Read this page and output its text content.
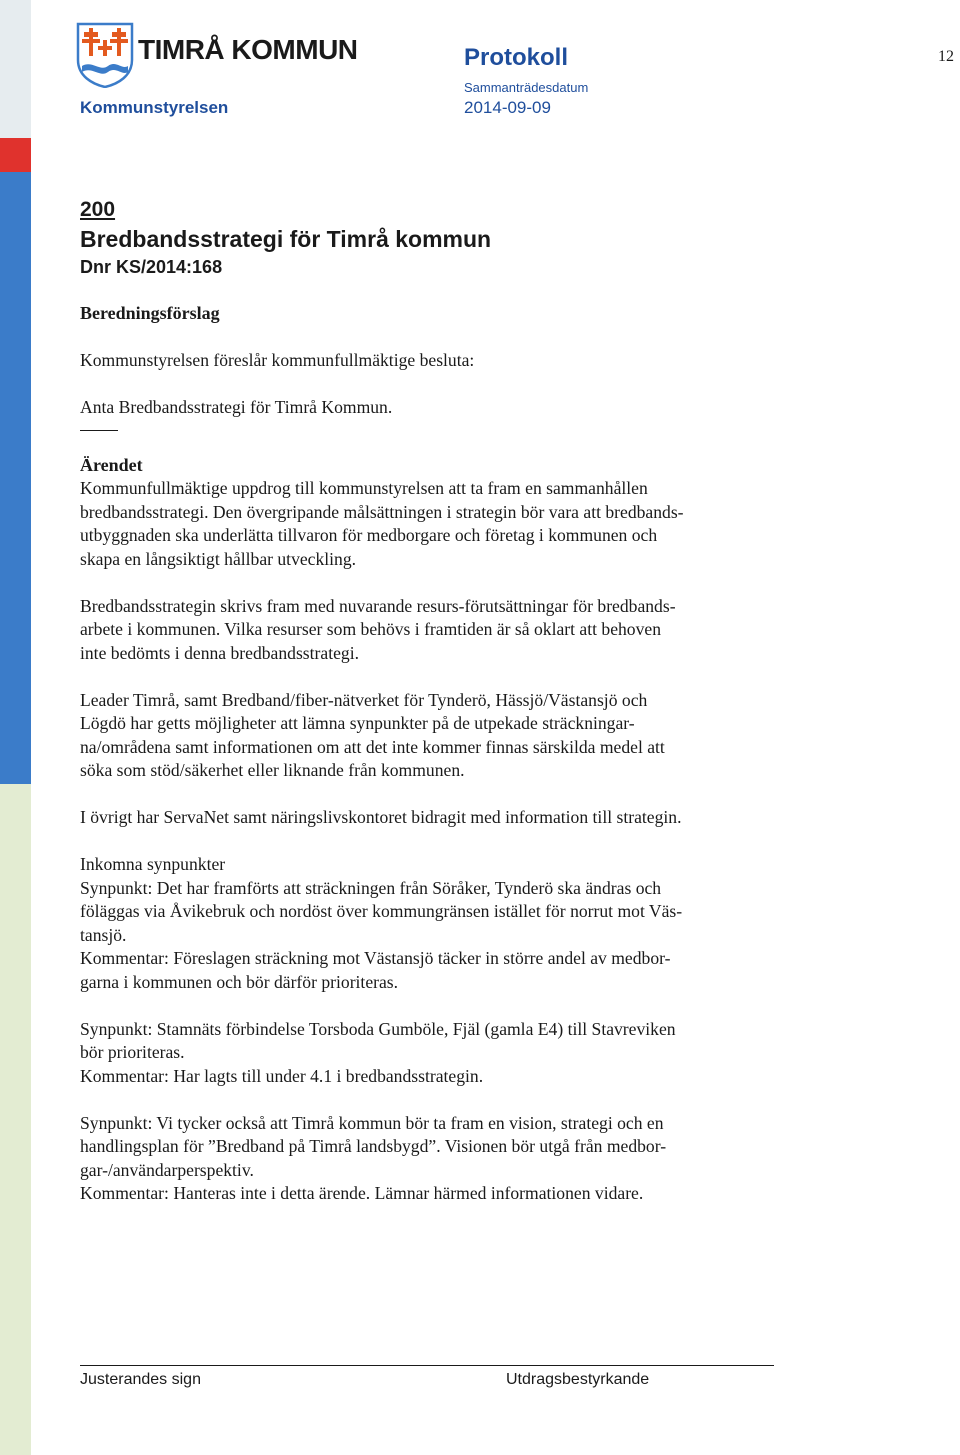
TIMRÅ KOMMUN	Protokoll	12
Sammanträdesdatum
Kommunstyrelsen	2014-09-09
200
Bredbandsstrategi för Timrå kommun
Dnr KS/2014:168
Beredningsförslag
Kommunstyrelsen föreslår kommunfullmäktige besluta:
Anta Bredbandsstrategi för Timrå Kommun.
Ärendet
Kommunfullmäktige uppdrog till kommunstyrelsen att ta fram en sammanhållen
bredbandsstrategi. Den övergripande målsättningen i strategin bör vara att bredbands-
utbyggnaden ska underlätta tillvaron för medborgare och företag i kommunen och
skapa en långsiktigt hållbar utveckling.
Bredbandsstrategin skrivs fram med nuvarande resurs-förutsättningar för bredbands-
arbete i kommunen. Vilka resurser som behövs i framtiden är så oklart att behoven
inte bedömts i denna bredbandsstrategi.
Leader Timrå, samt Bredband/fiber-nätverket för Tynderö, Hässjö/Västansjö och
Lögdö har getts möjligheter att lämna synpunkter på de utpekade sträckningar-
na/områdena samt informationen om att det inte kommer finnas särskilda medel att
söka som stöd/säkerhet eller liknande från kommunen.
I övrigt har ServaNet samt näringslivskontoret bidragit med information till strategin.
Inkomna synpunkter
Synpunkt: Det har framförts att sträckningen från Söråker, Tynderö ska ändras och
föläggas via Åvikebruk och nordöst över kommungränsen istället för norrut mot Väs-
tansjö.
Kommentar: Föreslagen sträckning mot Västansjö täcker in större andel av medbor-
garna i kommunen och bör därför prioriteras.
Synpunkt: Stamnäts förbindelse Torsboda Gumböle, Fjäl (gamla E4) till Stavreviken
bör prioriteras.
Kommentar: Har lagts till under 4.1 i bredbandsstrategin.
Synpunkt: Vi tycker också att Timrå kommun bör ta fram en vision, strategi och en
handlingsplan för ”Bredband på Timrå landsbygd”. Visionen bör utgå från medbor-
gar-/användarperspektiv.
Kommentar: Hanteras inte i detta ärende. Lämnar härmed informationen vidare.
Justerandes sign	Utdragsbestyrkande
